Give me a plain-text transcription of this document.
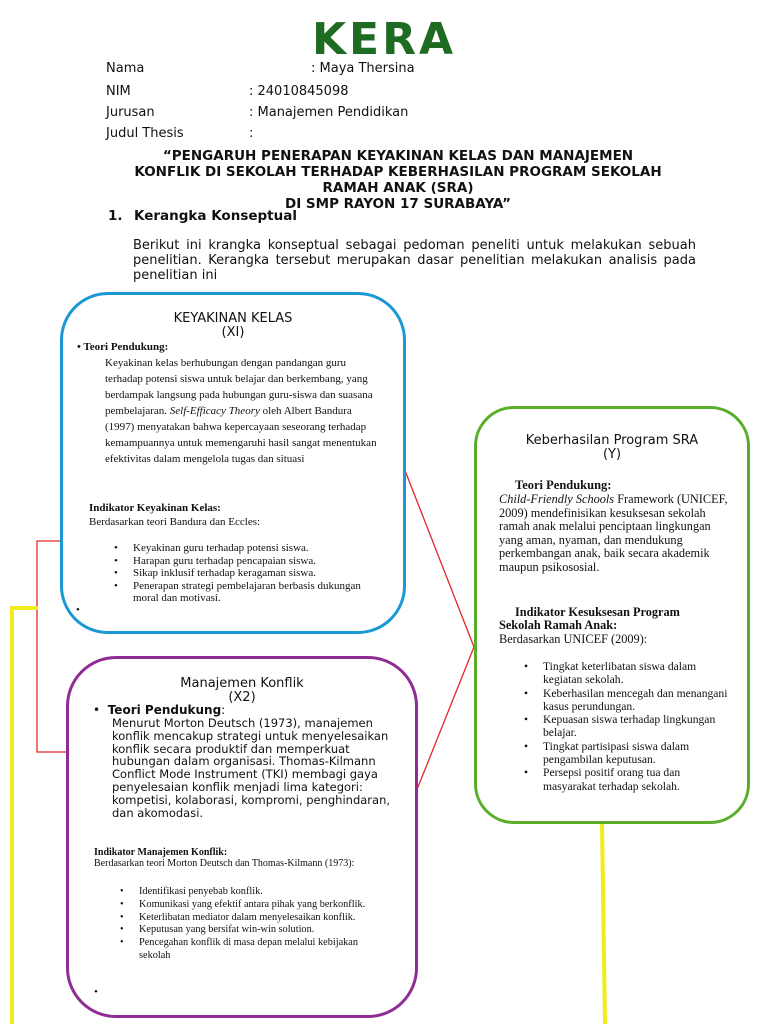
KERA
Nama	: Maya Thersina
NIM	: 24010845098
Jurusan	: Manajemen Pendidikan
Judul Thesis	:
“PENGARUH PENERAPAN KEYAKINAN KELAS DAN MANAJEMEN
KONFLIK DI SEKOLAH TERHADAP KEBERHASILAN PROGRAM SEKOLAH
RAMAH ANAK (SRA)
DI SMP RAYON 17 SURABAYA”
1. Kerangka Konseptual
Berikut ini krangka konseptual sebagai pedoman peneliti untuk melakukan sebuah penelitian. Kerangka tersebut merupakan dasar penelitian melakukan analisis pada penelitian ini
KEYAKINAN KELAS
(XI)
• Teori Pendukung:
Keyakinan kelas berhubungan dengan pandangan guru terhadap potensi siswa untuk belajar dan berkembang, yang berdampak langsung pada hubungan guru-siswa dan suasana pembelajaran. Self-Efficacy Theory oleh Albert Bandura (1997) menyatakan bahwa kepercayaan seseorang terhadap kemampuannya untuk memengaruhi hasil sangat menentukan efektivitas dalam mengelola tugas dan situasi
Indikator Keyakinan Kelas:
Berdasarkan teori Bandura dan Eccles:
• Keyakinan guru terhadap potensi siswa.
• Harapan guru terhadap pencapaian siswa.
• Sikap inklusif terhadap keragaman siswa.
• Penerapan strategi pembelajaran berbasis dukungan moral dan motivasi.
•
Manajemen Konflik
(X2)
• Teori Pendukung:
Menurut Morton Deutsch (1973), manajemen konflik mencakup strategi untuk menyelesaikan konflik secara produktif dan memperkuat hubungan dalam organisasi. Thomas-Kilmann Conflict Mode Instrument (TKI) membagi gaya penyelesaian konflik menjadi lima kategori: kompetisi, kolaborasi, kompromi, penghindaran, dan akomodasi.
Indikator Manajemen Konflik:
Berdasarkan teori Morton Deutsch dan Thomas-Kilmann (1973):
• Identifikasi penyebab konflik.
• Komunikasi yang efektif antara pihak yang berkonflik.
• Keterlibatan mediator dalam menyelesaikan konflik.
• Keputusan yang bersifat win-win solution.
• Pencegahan konflik di masa depan melalui kebijakan sekolah
•
Keberhasilan Program SRA
(Y)
Teori Pendukung:
Child-Friendly Schools Framework (UNICEF, 2009) mendefinisikan kesuksesan sekolah ramah anak melalui penciptaan lingkungan yang aman, nyaman, dan mendukung perkembangan anak, baik secara akademik maupun psikososial.
Indikator Kesuksesan Program
Sekolah Ramah Anak:
Berdasarkan UNICEF (2009):
• Tingkat keterlibatan siswa dalam kegiatan sekolah.
• Keberhasilan mencegah dan menangani kasus perundungan.
• Kepuasan siswa terhadap lingkungan belajar.
• Tingkat partisipasi siswa dalam pengambilan keputusan.
• Persepsi positif orang tua dan masyarakat terhadap sekolah.
